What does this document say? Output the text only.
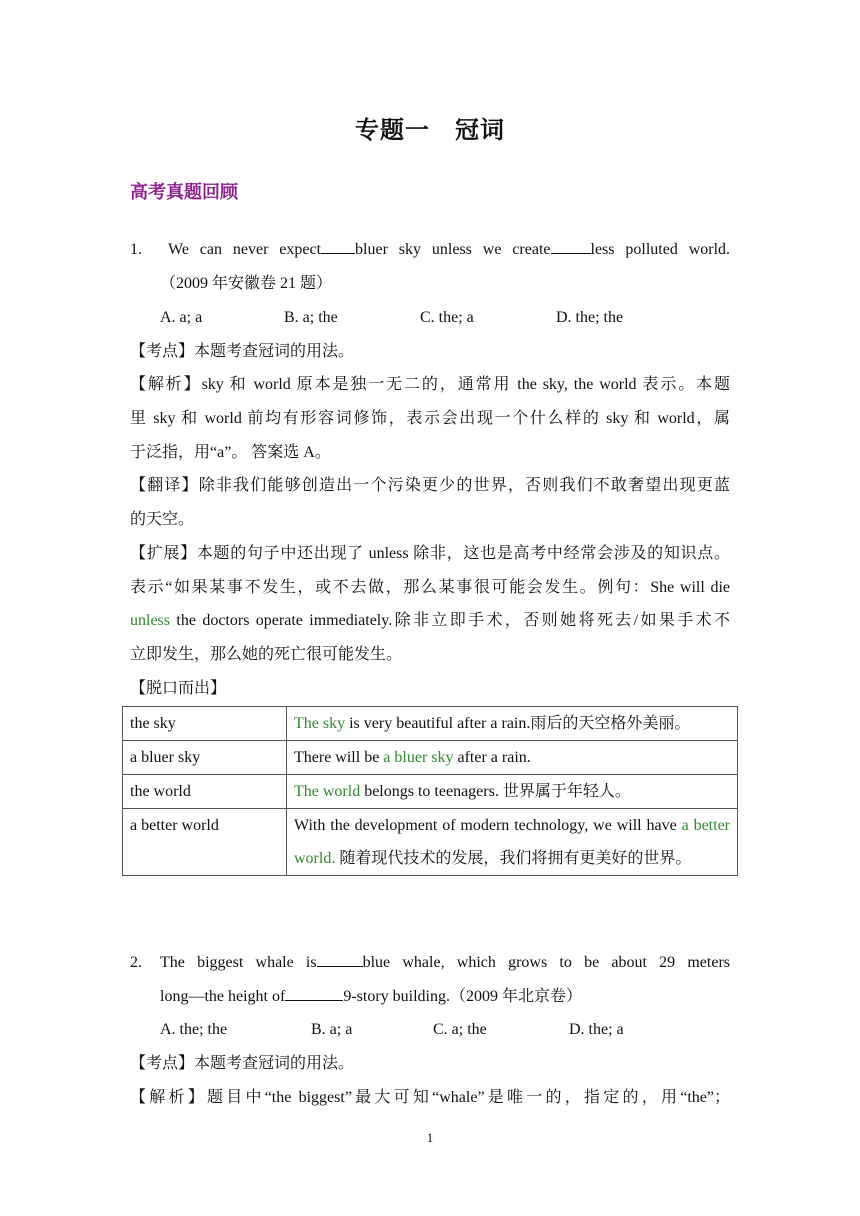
专题一　冠词
高考真题回顾
1. We can never expect bluer sky unless we create	less polluted world.
（2009 年安徽卷 21 题）
A. a; a	B. a; the	C. the; a	D. the; the
【考点】本题考查冠词的用法。
【解析】sky 和 world 原本是独一无二的，通常用 the sky, the world 表示。本题
里 sky 和 world 前均有形容词修饰，表示会出现一个什么样的 sky 和 world，属
于泛指，用“a”。 答案选 A。
【翻译】除非我们能够创造出一个污染更少的世界，否则我们不敢奢望出现更蓝
的天空。
【扩展】本题的句子中还出现了 unless 除非，这也是高考中经常会涉及的知识点。
表示“如果某事不发生，或不去做，那么某事很可能会发生。例句：She will die
unless the doctors operate immediately.除非立即手术，否则她将死去/如果手术不
立即发生，那么她的死亡很可能发生。
【脱口而出】
the sky	The sky is very beautiful after a rain.雨后的天空格外美丽。
a bluer sky	There will be a bluer sky after a rain.
the world	The world belongs to teenagers. 世界属于年轻人。
a better world	With the development of modern technology, we will have a better world. 随着现代技术的发展，我们将拥有更美好的世界。
2. The biggest whale is	blue whale, which grows to be about 29 meters
long—the height of	9-story building.（2009 年北京卷）
A. the; the	B. a; a	C. a; the	D. the; a
【考点】本题考查冠词的用法。
【解析】题目中“the biggest”最大可知“whale”是唯一的，指定的，用“the”；
1
